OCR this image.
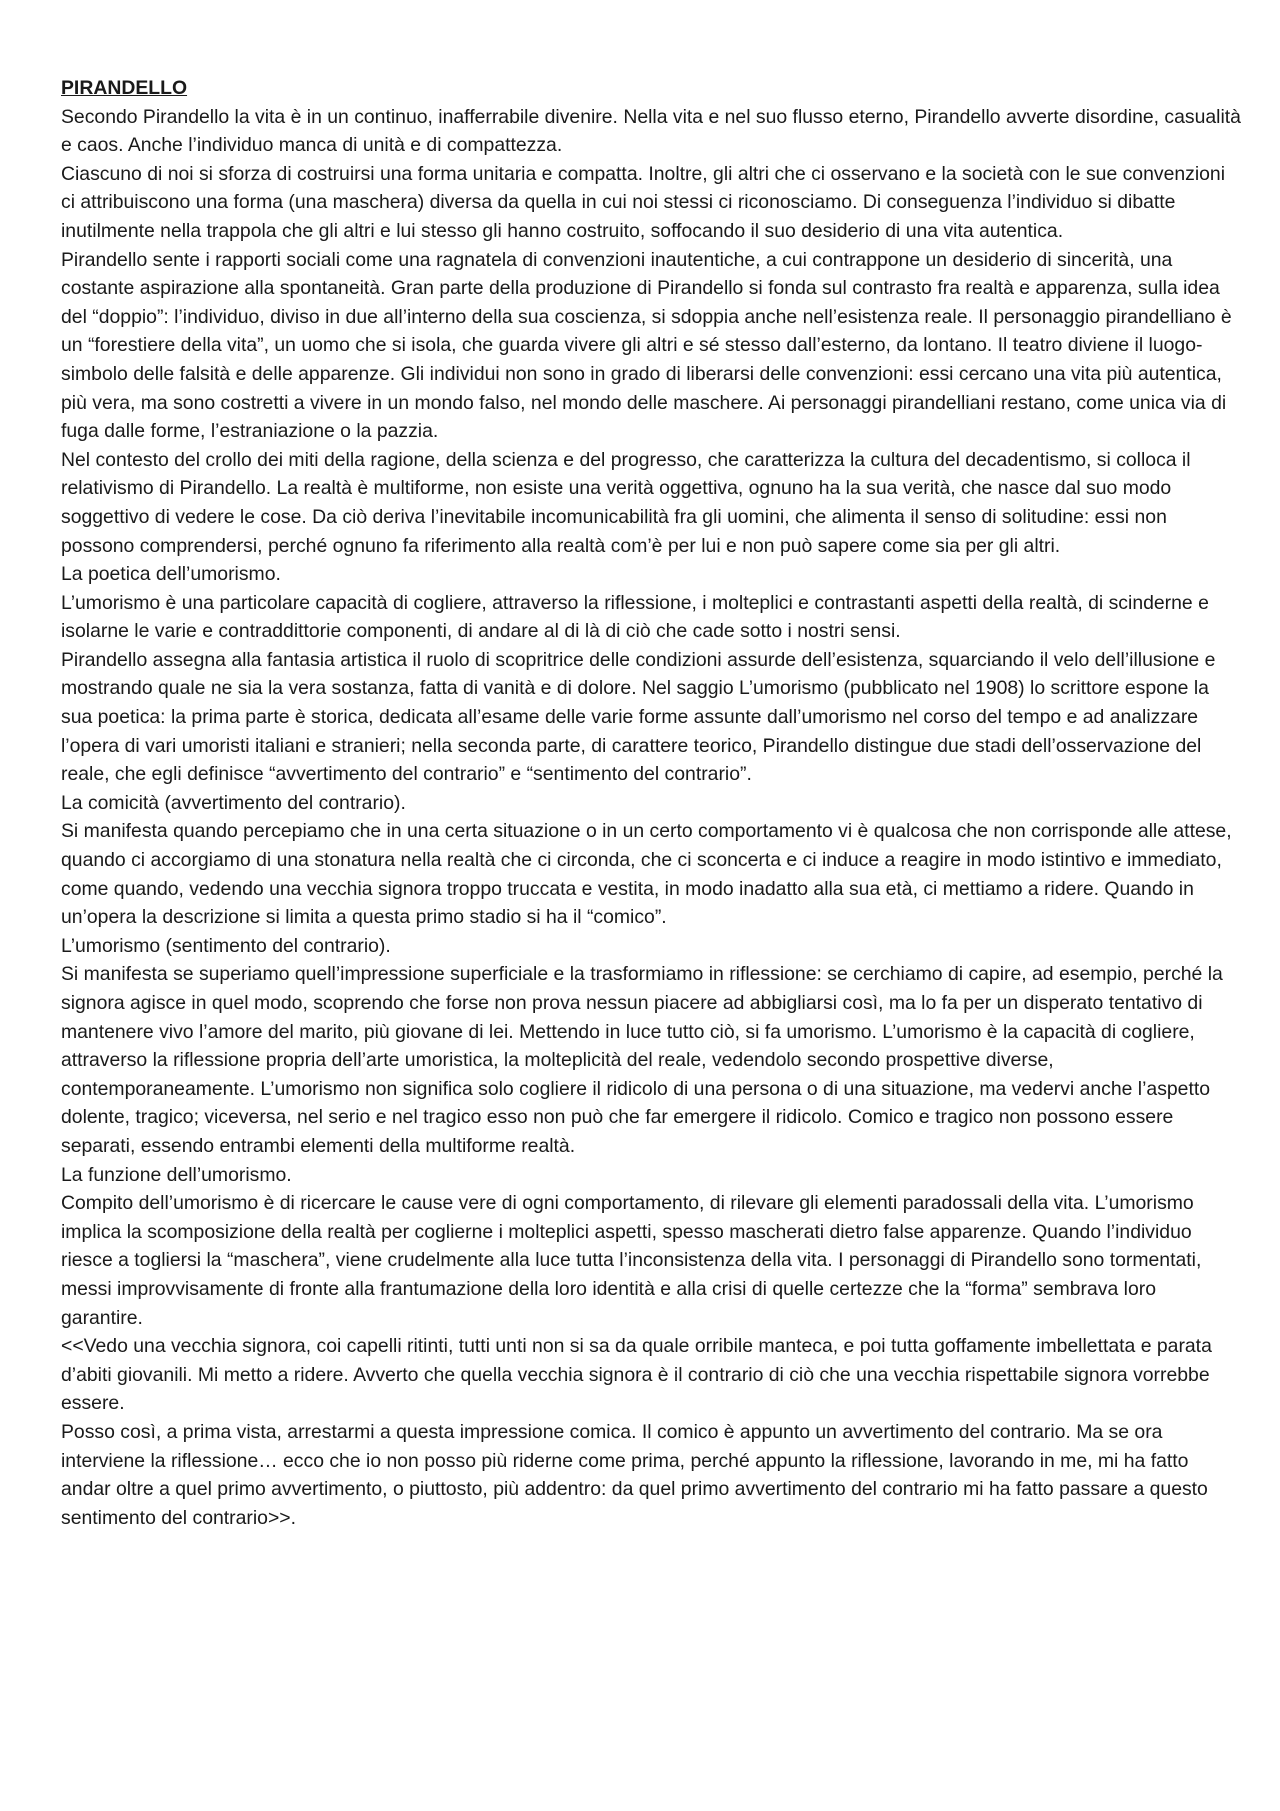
PIRANDELLO

Secondo Pirandello la vita è in un continuo, inafferrabile divenire. Nella vita e nel suo flusso eterno, Pirandello avverte disordine, casualità e caos. Anche l’individuo manca di unità e di compattezza.

Ciascuno di noi si sforza di costruirsi una forma unitaria e compatta. Inoltre, gli altri che ci osservano e la società con le sue convenzioni ci attribuiscono una forma (una maschera) diversa da quella in cui noi stessi ci riconosciamo. Di conseguenza l’individuo si dibatte inutilmente nella trappola che gli altri e lui stesso gli hanno costruito, soffocando il suo desiderio di una vita autentica.

Pirandello sente i rapporti sociali come una ragnatela di convenzioni inautentiche, a cui contrappone un desiderio di sincerità, una costante aspirazione alla spontaneità. Gran parte della produzione di Pirandello si fonda sul contrasto fra realtà e apparenza, sulla idea del “doppio”: l’individuo, diviso in due all’interno della sua coscienza, si sdoppia anche nell’esistenza reale. Il personaggio pirandelliano è un “forestiere della vita”, un uomo che si isola, che guarda vivere gli altri e sé stesso dall’esterno, da lontano. Il teatro diviene il luogo-simbolo delle falsità e delle apparenze. Gli individui non sono in grado di liberarsi delle convenzioni: essi cercano una vita più autentica, più vera, ma sono costretti a vivere in un mondo falso, nel mondo delle maschere. Ai personaggi pirandelliani restano, come unica via di fuga dalle forme, l’estraniazione o la pazzia.

Nel contesto del crollo dei miti della ragione, della scienza e del progresso, che caratterizza la cultura del decadentismo, si colloca il relativismo di Pirandello. La realtà è multiforme, non esiste una verità oggettiva, ognuno ha la sua verità, che nasce dal suo modo soggettivo di vedere le cose. Da ciò deriva l’inevitabile incomunicabilità fra gli uomini, che alimenta il senso di solitudine: essi non possono comprendersi, perché ognuno fa riferimento alla realtà com’è per lui e non può sapere come sia per gli altri.

La poetica dell’umorismo.

L’umorismo è una particolare capacità di cogliere, attraverso la riflessione, i molteplici e contrastanti aspetti della realtà, di scinderne e isolarne le varie e contraddittorie componenti, di andare al di là di ciò che cade sotto i nostri sensi.

Pirandello assegna alla fantasia artistica il ruolo di scopritrice delle condizioni assurde dell’esistenza, squarciando il velo dell’illusione e mostrando quale ne sia la vera sostanza, fatta di vanità e di dolore. Nel saggio L’umorismo (pubblicato nel 1908) lo scrittore espone la sua poetica: la prima parte è storica, dedicata all’esame delle varie forme assunte dall’umorismo nel corso del tempo e ad analizzare l’opera di vari umoristi italiani e stranieri; nella seconda parte, di carattere teorico, Pirandello distingue due stadi dell’osservazione del reale, che egli definisce “avvertimento del contrario” e “sentimento del contrario”.

La comicità (avvertimento del contrario).

Si manifesta quando percepiamo che in una certa situazione o in un certo comportamento vi è qualcosa che non corrisponde alle attese, quando ci accorgiamo di una stonatura nella realtà che ci circonda, che ci sconcerta e ci induce a reagire in modo istintivo e immediato, come quando, vedendo una vecchia signora troppo truccata e vestita, in modo inadatto alla sua età, ci mettiamo a ridere. Quando in un’opera la descrizione si limita a questa primo stadio si ha il “comico”.

L’umorismo (sentimento del contrario).

Si manifesta se superiamo quell’impressione superficiale e la trasformiamo in riflessione: se cerchiamo di capire, ad esempio, perché la signora agisce in quel modo, scoprendo che forse non prova nessun piacere ad abbigliarsi così, ma lo fa per un disperato tentativo di mantenere vivo l’amore del marito, più giovane di lei. Mettendo in luce tutto ciò, si fa umorismo. L’umorismo è la capacità di cogliere, attraverso la riflessione propria dell’arte umoristica, la molteplicità del reale, vedendolo secondo prospettive diverse, contemporaneamente. L’umorismo non significa solo cogliere il ridicolo di una persona o di una situazione, ma vedervi anche l’aspetto dolente, tragico; viceversa, nel serio e nel tragico esso non può che far emergere il ridicolo. Comico e tragico non possono essere separati, essendo entrambi elementi della multiforme realtà.

La funzione dell’umorismo.

Compito dell’umorismo è di ricercare le cause vere di ogni comportamento, di rilevare gli elementi paradossali della vita. L’umorismo implica la scomposizione della realtà per coglierne i molteplici aspetti, spesso mascherati dietro false apparenze. Quando l’individuo riesce a togliersi la “maschera”, viene crudelmente alla luce tutta l’inconsistenza della vita. I personaggi di Pirandello sono tormentati, messi improvvisamente di fronte alla frantumazione della loro identità e alla crisi di quelle certezze che la “forma” sembrava loro garantire.

<<Vedo una vecchia signora, coi capelli ritinti, tutti unti non si sa da quale orribile manteca, e poi tutta goffamente imbellettata e parata d’abiti giovanili. Mi metto a ridere. Avverto che quella vecchia signora è il contrario di ciò che una vecchia rispettabile signora vorrebbe essere.

Posso così, a prima vista, arrestarmi a questa impressione comica. Il comico è appunto un avvertimento del contrario. Ma se ora interviene la riflessione… ecco che io non posso più riderne come prima, perché appunto la riflessione, lavorando in me, mi ha fatto andar oltre a quel primo avvertimento, o piuttosto, più addentro: da quel primo avvertimento del contrario mi ha fatto passare a questo sentimento del contrario>>.
